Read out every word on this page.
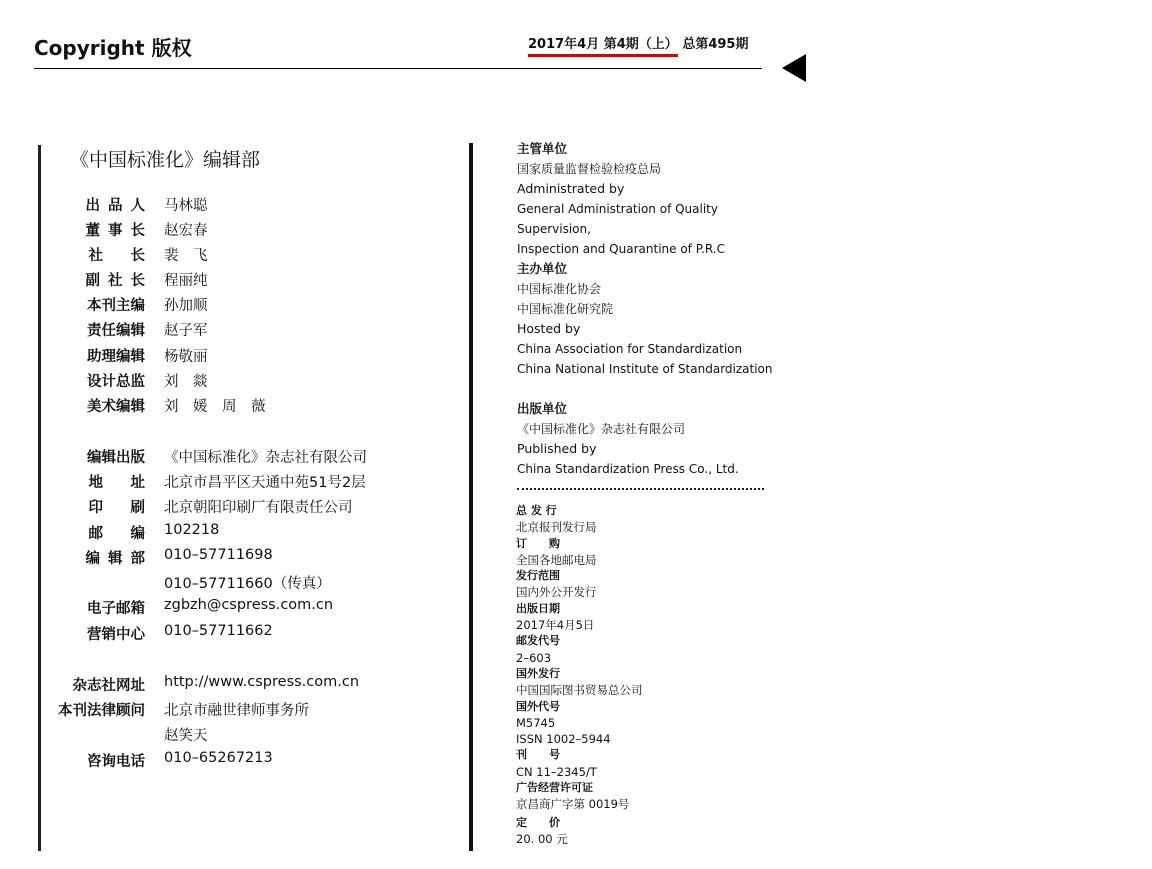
Copyright 版权	2017年4月 第4期（上） 总第495期
《中国标准化》编辑部
出品人 马林聪
董事长 赵宏春
社长
裴　飞
副社长 程丽纯
本刊主编 孙加顺
责任编辑 赵子军
助理编辑 杨敬丽
设计总监 刘　燚
美术编辑 刘　媛　周　薇
编辑出版 《中国标准化》杂志社有限公司
地址
北京市昌平区天通中苑51号2层
印刷
北京朝阳印刷厂有限责任公司
邮编
102218
编辑部 010–57711698
010–57711660（传真）
电子邮箱 zgbzh@cspress.com.cn
营销中心 010–57711662
杂志社网址 http://www.cspress.com.cn
本刊法律顾问 北京市融世律师事务所
赵笑天
咨询电话 010–65267213
主管单位
国家质量监督检验检疫总局
Administrated by
General Administration of Quality Supervision,
Inspection and Quarantine of P.R.C
主办单位
中国标准化协会
中国标准化研究院
Hosted by
China Association for Standardization
China National Institute of Standardization
出版单位
《中国标准化》杂志社有限公司
Published by
China Standardization Press Co., Ltd.
总 发 行
北京报刊发行局
订　　购
全国各地邮电局
发行范围
国内外公开发行
出版日期
2017年4月5日
邮发代号
2–603
国外发行
中国国际图书贸易总公司
国外代号
M5745
ISSN 1002–5944
刊　　号
CN 11–2345/T
广告经营许可证
京昌商广字第 0019号
定　　价
20. 00 元
